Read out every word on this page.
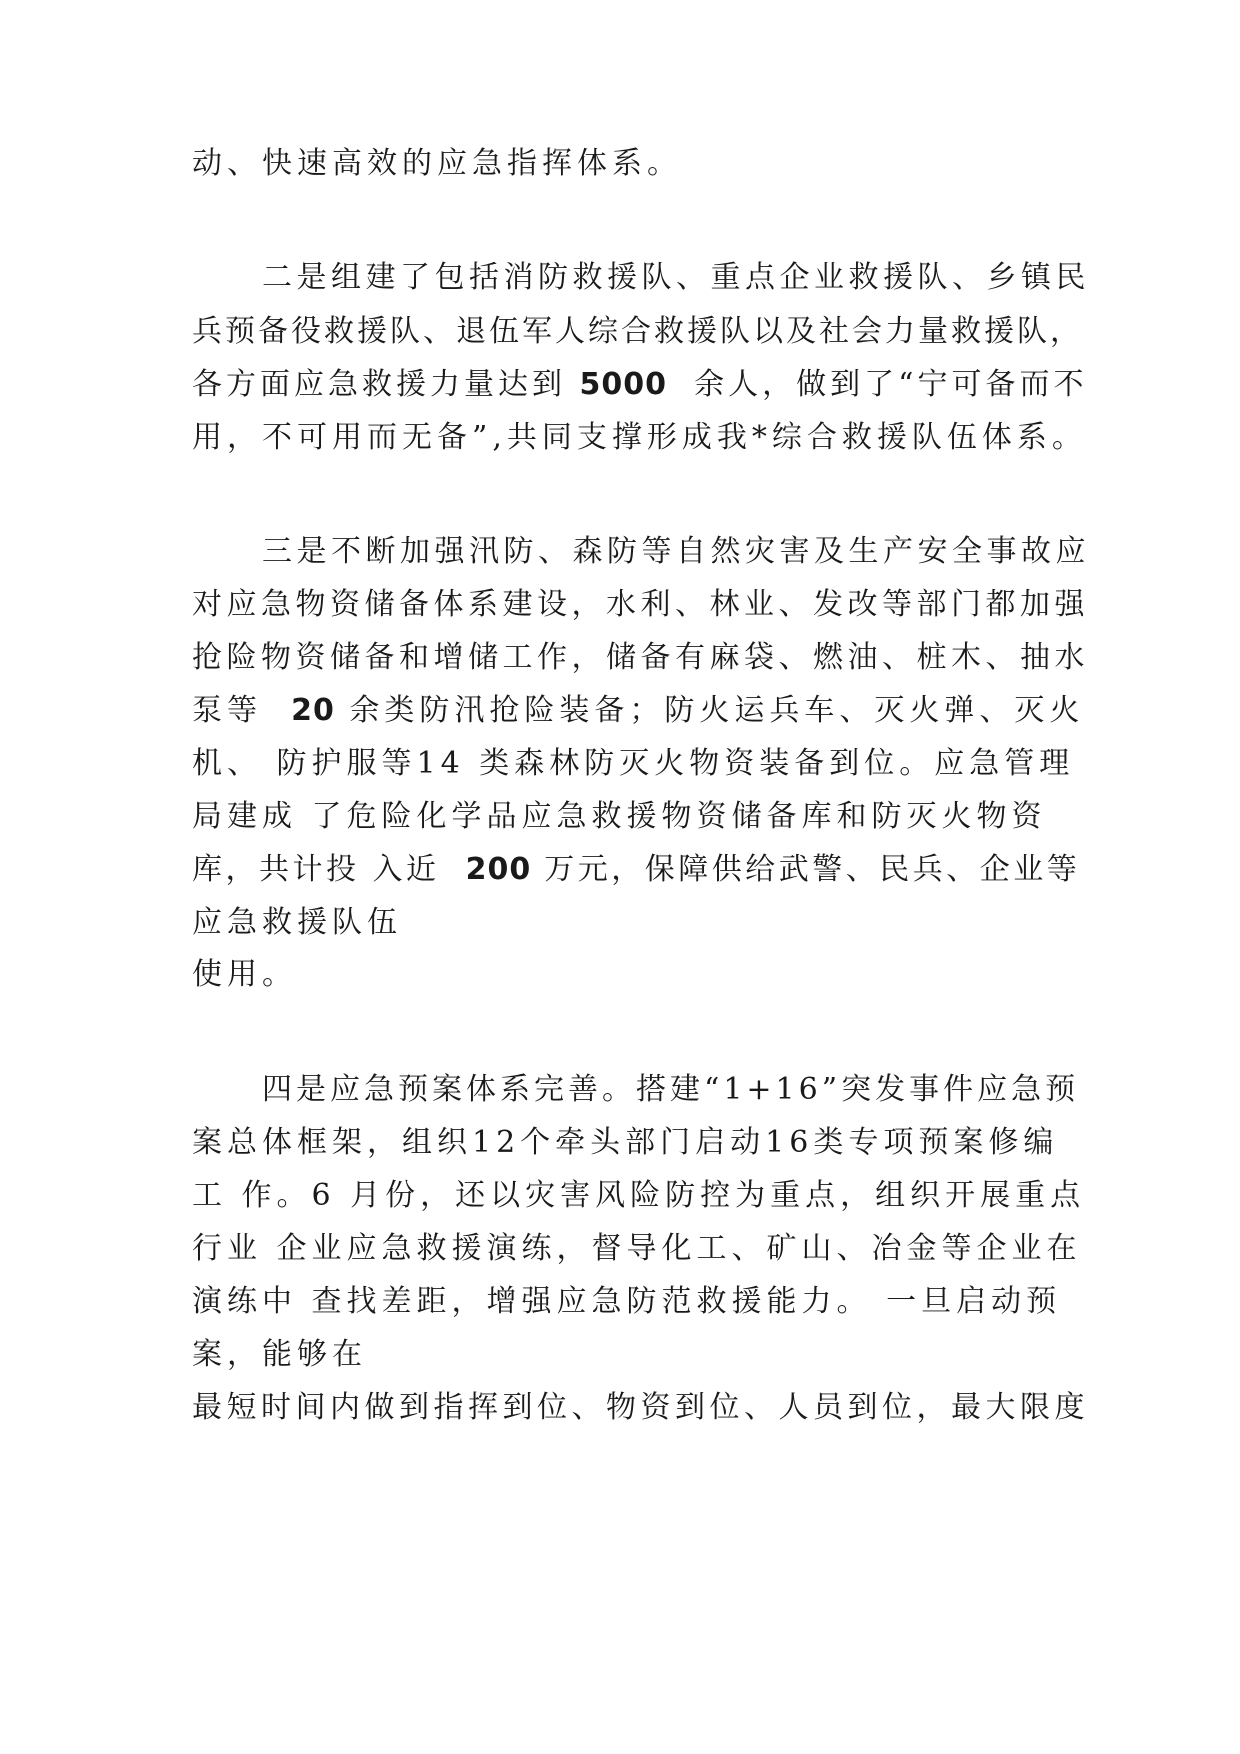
动、快速高效的应急指挥体系。
二是组建了包括消防救援队、重点企业救援队、乡镇民
兵预备役救援队、退伍军人综合救援队以及社会力量救援队，
各方面应急救援力量达到 5000 余人，做到了“宁可备而不
用，不可用而无备”,共同支撑形成我*综合救援队伍体系。
三是不断加强汛防、森防等自然灾害及生产安全事故应
对应急物资储备体系建设，水利、林业、发改等部门都加强
抢险物资储备和增储工作，储备有麻袋、燃油、桩木、抽水
泵等 20 余类防汛抢险装备；防火运兵车、灭火弹、灭火
机、 防护服等14 类森林防灭火物资装备到位。应急管理
局建成 了危险化学品应急救援物资储备库和防灭火物资
库，共计投 入近 200 万元，保障供给武警、民兵、企业等
应急救援队伍
使用。
四是应急预案体系完善。搭建“1+16”突发事件应急预
案总体框架，组织12个牵头部门启动16类专项预案修编
工 作。6 月份，还以灾害风险防控为重点，组织开展重点
行业 企业应急救援演练，督导化工、矿山、冶金等企业在
演练中 查找差距，增强应急防范救援能力。 一旦启动预
案，能够在
最短时间内做到指挥到位、物资到位、人员到位，最大限度
